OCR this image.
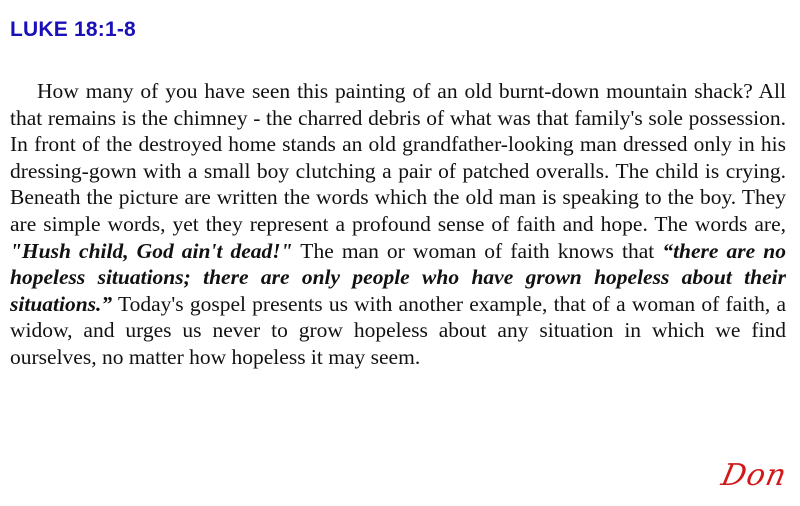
LUKE 18:1-8

How many of you have seen this painting of an old burnt-down mountain shack? All that remains is the chimney - the charred debris of what was that family's sole possession. In front of the destroyed home stands an old grandfather-looking man dressed only in his dressing-gown with a small boy clutching a pair of patched overalls. The child is crying. Beneath the picture are written the words which the old man is speaking to the boy. They are simple words, yet they represent a profound sense of faith and hope. The words are, "Hush child, God ain't dead!" The man or woman of faith knows that “there are no hopeless situations; there are only people who have grown hopeless about their situations.” Today's gospel presents us with another example, that of a woman of faith, a widow, and urges us never to grow hopeless about any situation in which we find ourselves, no matter how hopeless it may seem.

Don
